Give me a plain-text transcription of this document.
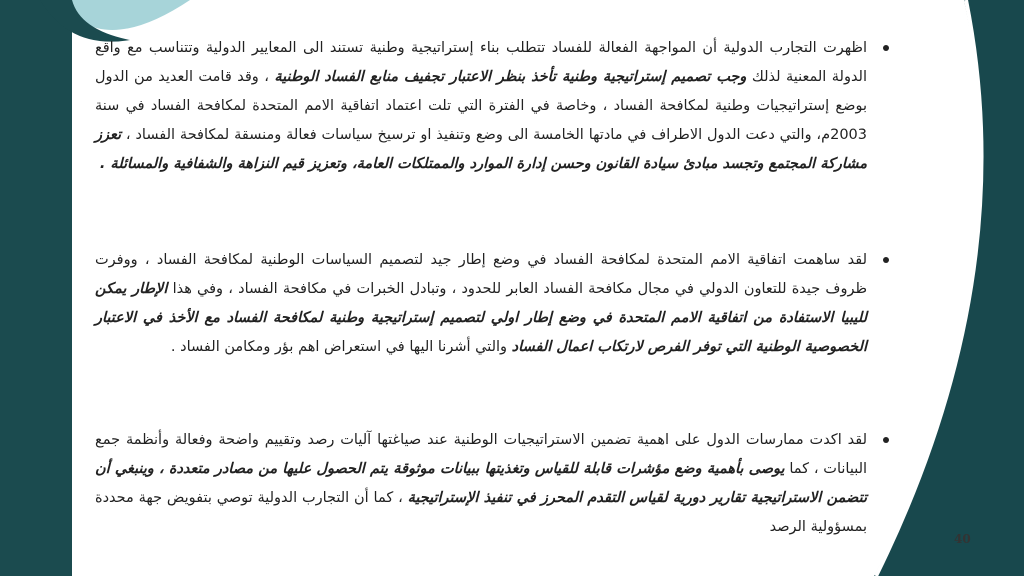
اظهرت التجارب الدولية أن المواجهة الفعالة للفساد تتطلب بناء إستراتيجية وطنية تستند الى المعايير الدولية وتتناسب مع واقع الدولة المعنية لذلك وجب تصميم إستراتيجية وطنية تأخذ بنظر الاعتبار تجفيف منابع الفساد الوطنية ، وقد قامت العديد من الدول بوضع إستراتيجيات وطنية لمكافحة الفساد ، وخاصة في الفترة التي تلت اعتماد اتفاقية الامم المتحدة لمكافحة الفساد في سنة 2003م، والتي دعت الدول الاطراف في مادتها الخامسة الى وضع وتنفيذ او ترسيخ سياسات فعالة ومنسقة لمكافحة الفساد ، تعزز مشاركة المجتمع وتجسد مبادئ سيادة القانون وحسن إدارة الموارد والممتلكات العامة، وتعزيز قيم النزاهة والشفافية والمسائلة .
لقد ساهمت اتفاقية الامم المتحدة لمكافحة الفساد في وضع إطار جيد لتصميم السياسات الوطنية لمكافحة الفساد ، ووفرت ظروف جيدة للتعاون الدولي في مجال مكافحة الفساد العابر للحدود ، وتبادل الخبرات في مكافحة الفساد ، وفي هذا الإطار يمكن لليبيا الاستفادة من اتفاقية الامم المتحدة في وضع إطار اولي لتصميم إستراتيجية وطنية لمكافحة الفساد مع الأخذ في الاعتبار الخصوصية الوطنية التي توفر الفرص لارتكاب اعمال الفساد والتي أشرنا اليها في استعراض اهم بؤر ومكامن الفساد .
لقد اكدت ممارسات الدول على اهمية تضمين الاستراتيجيات الوطنية عند صياغتها آليات رصد وتقييم واضحة وفعالة وأنظمة جمع البيانات ، كما يوصى بأهمية وضع مؤشرات قابلة للقياس وتغذيتها ببيانات موثوقة يتم الحصول عليها من مصادر متعددة ، وينبغي أن تتضمن الاستراتيجية تقارير دورية لقياس التقدم المحرز في تنفيذ الإستراتيجية ، كما أن التجارب الدولية توصي بتفويض جهة محددة بمسؤولية الرصد
40
